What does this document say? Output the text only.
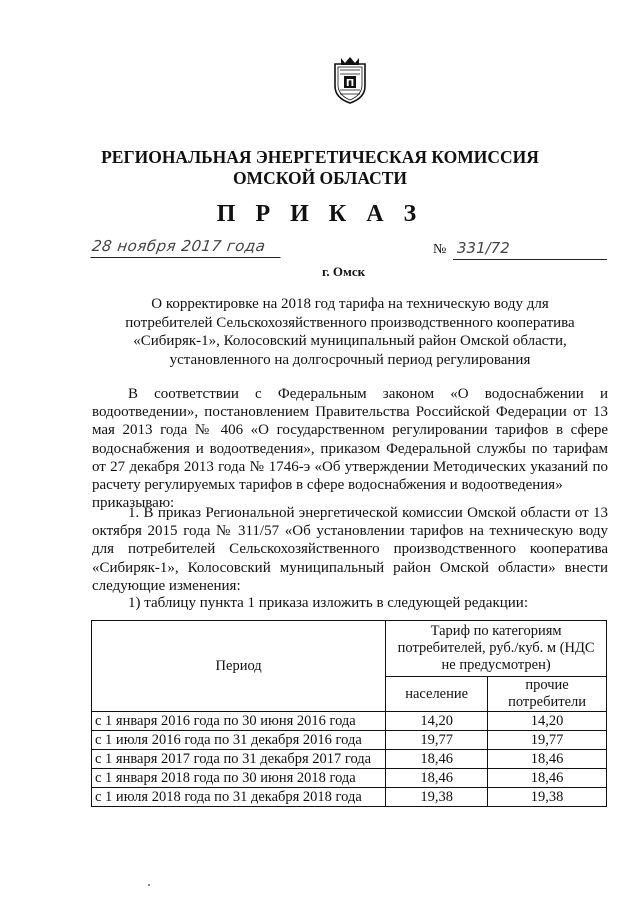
П
РЕГИОНАЛЬНАЯ ЭНЕРГЕТИЧЕСКАЯ КОМИССИЯ
ОМСКОЙ ОБЛАСТИ
П Р И К А З
28 ноября 2017 года	№ 331/72
г. Омск
О корректировке на 2018 год тарифа на техническую воду для
потребителей Сельскохозяйственного производственного кооператива
«Сибиряк-1», Колосовский муниципальный район Омской области,
установленного на долгосрочный период регулирования
В соответствии с Федеральным законом «О водоснабжении и водоотведении», постановлением Правительства Российской Федерации от 13 мая 2013 года № 406 «О государственном регулировании тарифов в сфере водоснабжения и водоотведения», приказом Федеральной службы по тарифам от 27 декабря 2013 года № 1746-э «Об утверждении Методических указаний по расчету регулируемых тарифов в сфере водоснабжения и водоотведения»
приказываю:
1. В приказ Региональной энергетической комиссии Омской области от 13 октября 2015 года № 311/57 «Об установлении тарифов на техническую воду для потребителей Сельскохозяйственного производственного кооператива «Сибиряк-1», Колосовский муниципальный район Омской области» внести следующие изменения:
1) таблицу пункта 1 приказа изложить в следующей редакции:
Период	Тариф по категориям потребителей, руб./куб. м (НДС не предусмотрен)	
	население	прочие потребители
с 1 января 2016 года по 30 июня 2016 года	14,20	14,20
с 1 июля 2016 года по 31 декабря 2016 года	19,77	19,77
с 1 января 2017 года по 31 декабря 2017 года	18,46	18,46
с 1 января 2018 года по 30 июня 2018 года	18,46	18,46
с 1 июля 2018 года по 31 декабря 2018 года	19,38	19,38
